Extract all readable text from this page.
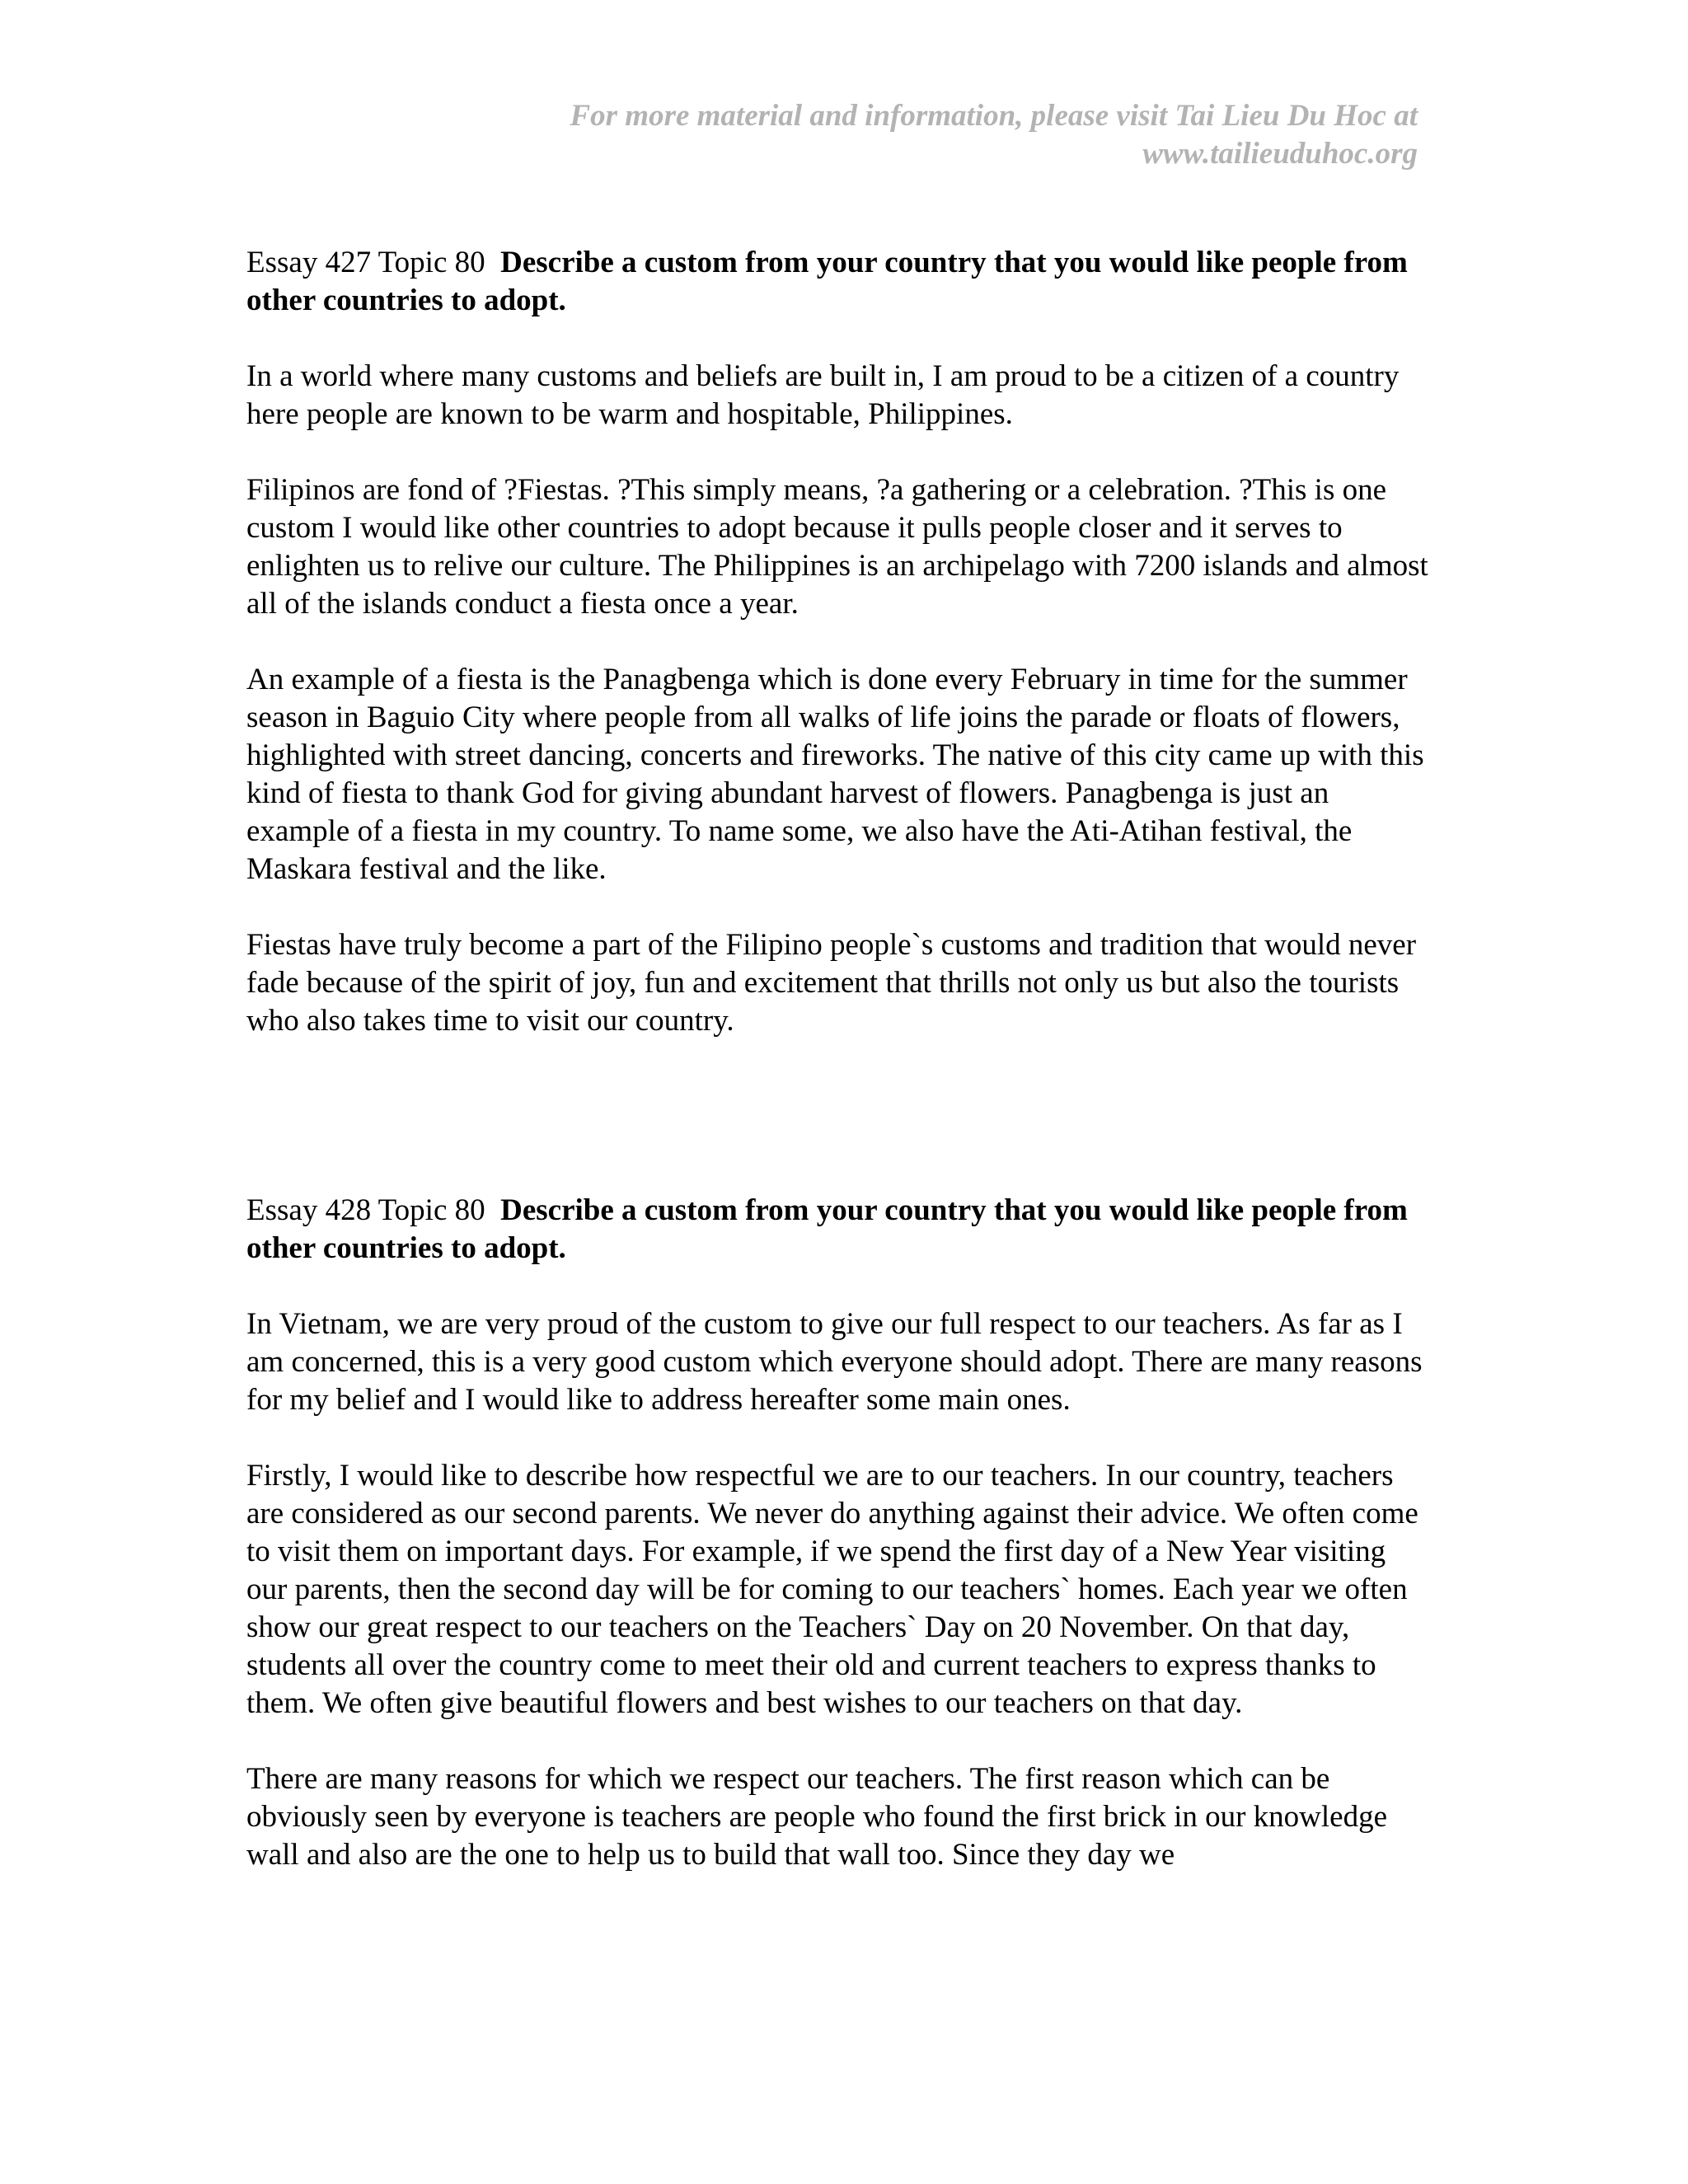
For more material and information, please visit Tai Lieu Du Hoc at
www.tailieuduhoc.org

Essay 427 Topic 80 Describe a custom from your country that you would like people from other countries to adopt.

In a world where many customs and beliefs are built in, I am proud to be a citizen of a country here people are known to be warm and hospitable, Philippines.

Filipinos are fond of ?Fiestas. ?This simply means, ?a gathering or a celebration. ?This is one custom I would like other countries to adopt because it pulls people closer and it serves to enlighten us to relive our culture. The Philippines is an archipelago with 7200 islands and almost all of the islands conduct a fiesta once a year.

An example of a fiesta is the Panagbenga which is done every February in time for the summer season in Baguio City where people from all walks of life joins the parade or floats of flowers, highlighted with street dancing, concerts and fireworks. The native of this city came up with this kind of fiesta to thank God for giving abundant harvest of flowers. Panagbenga is just an example of a fiesta in my country. To name some, we also have the Ati-Atihan festival, the Maskara festival and the like.

Fiestas have truly become a part of the Filipino people`s customs and tradition that would never fade because of the spirit of joy, fun and excitement that thrills not only us but also the tourists who also takes time to visit our country.

Essay 428 Topic 80 Describe a custom from your country that you would like people from other countries to adopt.

In Vietnam, we are very proud of the custom to give our full respect to our teachers. As far as I am concerned, this is a very good custom which everyone should adopt. There are many reasons for my belief and I would like to address hereafter some main ones.

Firstly, I would like to describe how respectful we are to our teachers. In our country, teachers are considered as our second parents. We never do anything against their advice. We often come to visit them on important days. For example, if we spend the first day of a New Year visiting our parents, then the second day will be for coming to our teachers` homes. Each year we often show our great respect to our teachers on the Teachers` Day on 20 November. On that day, students all over the country come to meet their old and current teachers to express thanks to them. We often give beautiful flowers and best wishes to our teachers on that day.

There are many reasons for which we respect our teachers. The first reason which can be obviously seen by everyone is teachers are people who found the first brick in our knowledge wall and also are the one to help us to build that wall too. Since they day we
